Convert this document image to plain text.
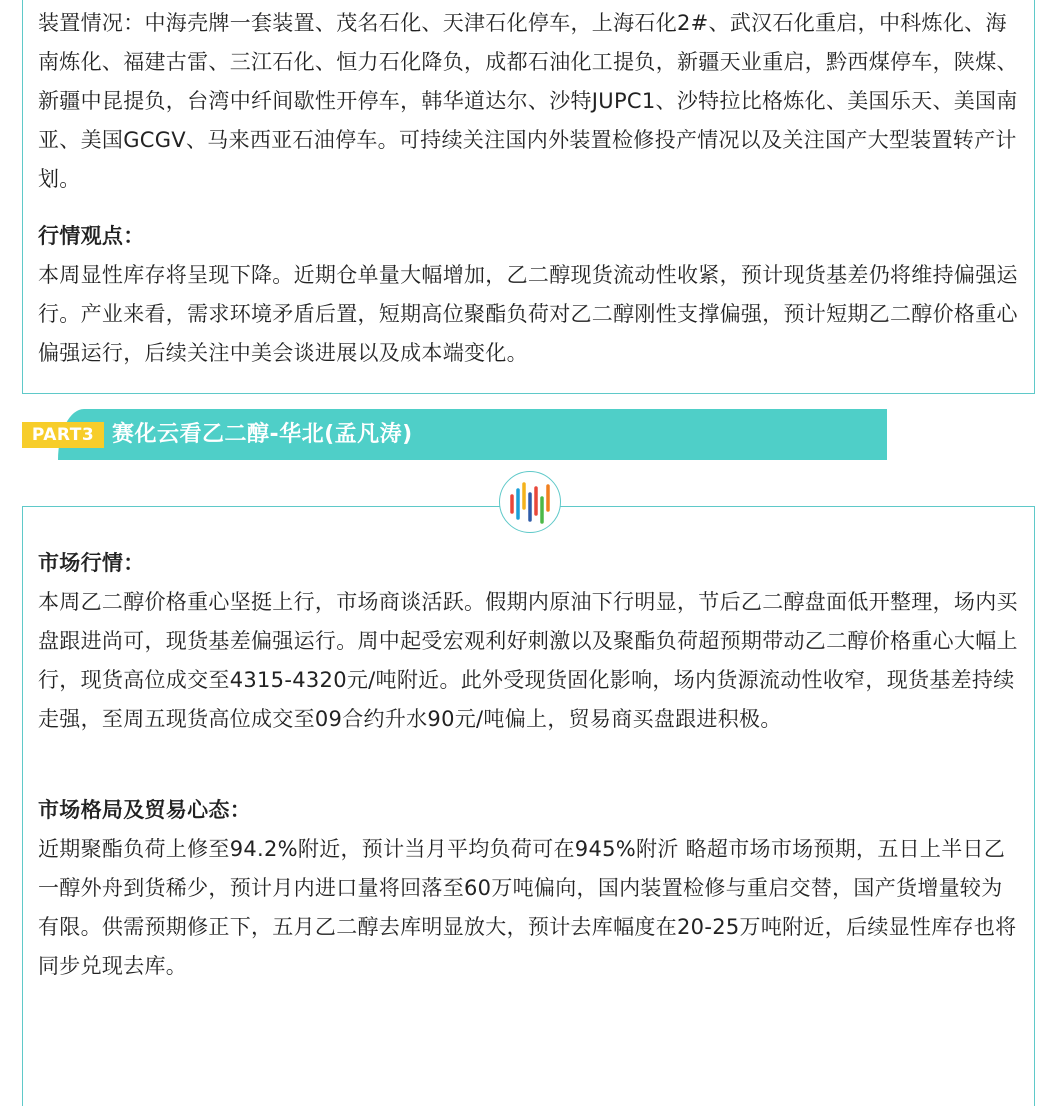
装置情况：中海壳牌一套装置、茂名石化、天津石化停车，上海石化2#、武汉石化重启，中科炼化、海南炼化、福建古雷、三江石化、恒力石化降负，成都石油化工提负，新疆天业重启，黔西煤停车，陕煤、新疆中昆提负，台湾中纤间歇性开停车，韩华道达尔、沙特JUPC1、沙特拉比格炼化、美国乐天、美国南亚、美国GCGV、马来西亚石油停车。可持续关注国内外装置检修投产情况以及关注国产大型装置转产计划。

行情观点：

本周显性库存将呈现下降。近期仓单量大幅增加，乙二醇现货流动性收紧，预计现货基差仍将维持偏强运行。产业来看，需求环境矛盾后置，短期高位聚酯负荷对乙二醇刚性支撑偏强，预计短期乙二醇价格重心偏强运行，后续关注中美会谈进展以及成本端变化。

PART3 赛化云看乙二醇-华北(孟凡涛)

市场行情：

本周乙二醇价格重心坚挺上行，市场商谈活跃。假期内原油下行明显，节后乙二醇盘面低开整理，场内买盘跟进尚可，现货基差偏强运行。周中起受宏观利好刺激以及聚酯负荷超预期带动乙二醇价格重心大幅上行，现货高位成交至4315-4320元/吨附近。此外受现货固化影响，场内货源流动性收窄，现货基差持续走强，至周五现货高位成交至09合约升水90元/吨偏上，贸易商买盘跟进积极。

市场格局及贸易心态：

近期聚酯负荷上修至94.2%附近，预计当月平均负荷可在945%附沂 略超市场市场预期，五日上半日乙一醇外舟到货稀少，预计月内进口量将回落至60万吨偏向，国内装置检修与重启交替，国产货增量较为有限。供需预期修正下，五月乙二醇去库明显放大，预计去库幅度在20-25万吨附近，后续显性库存也将同步兑现去库。
